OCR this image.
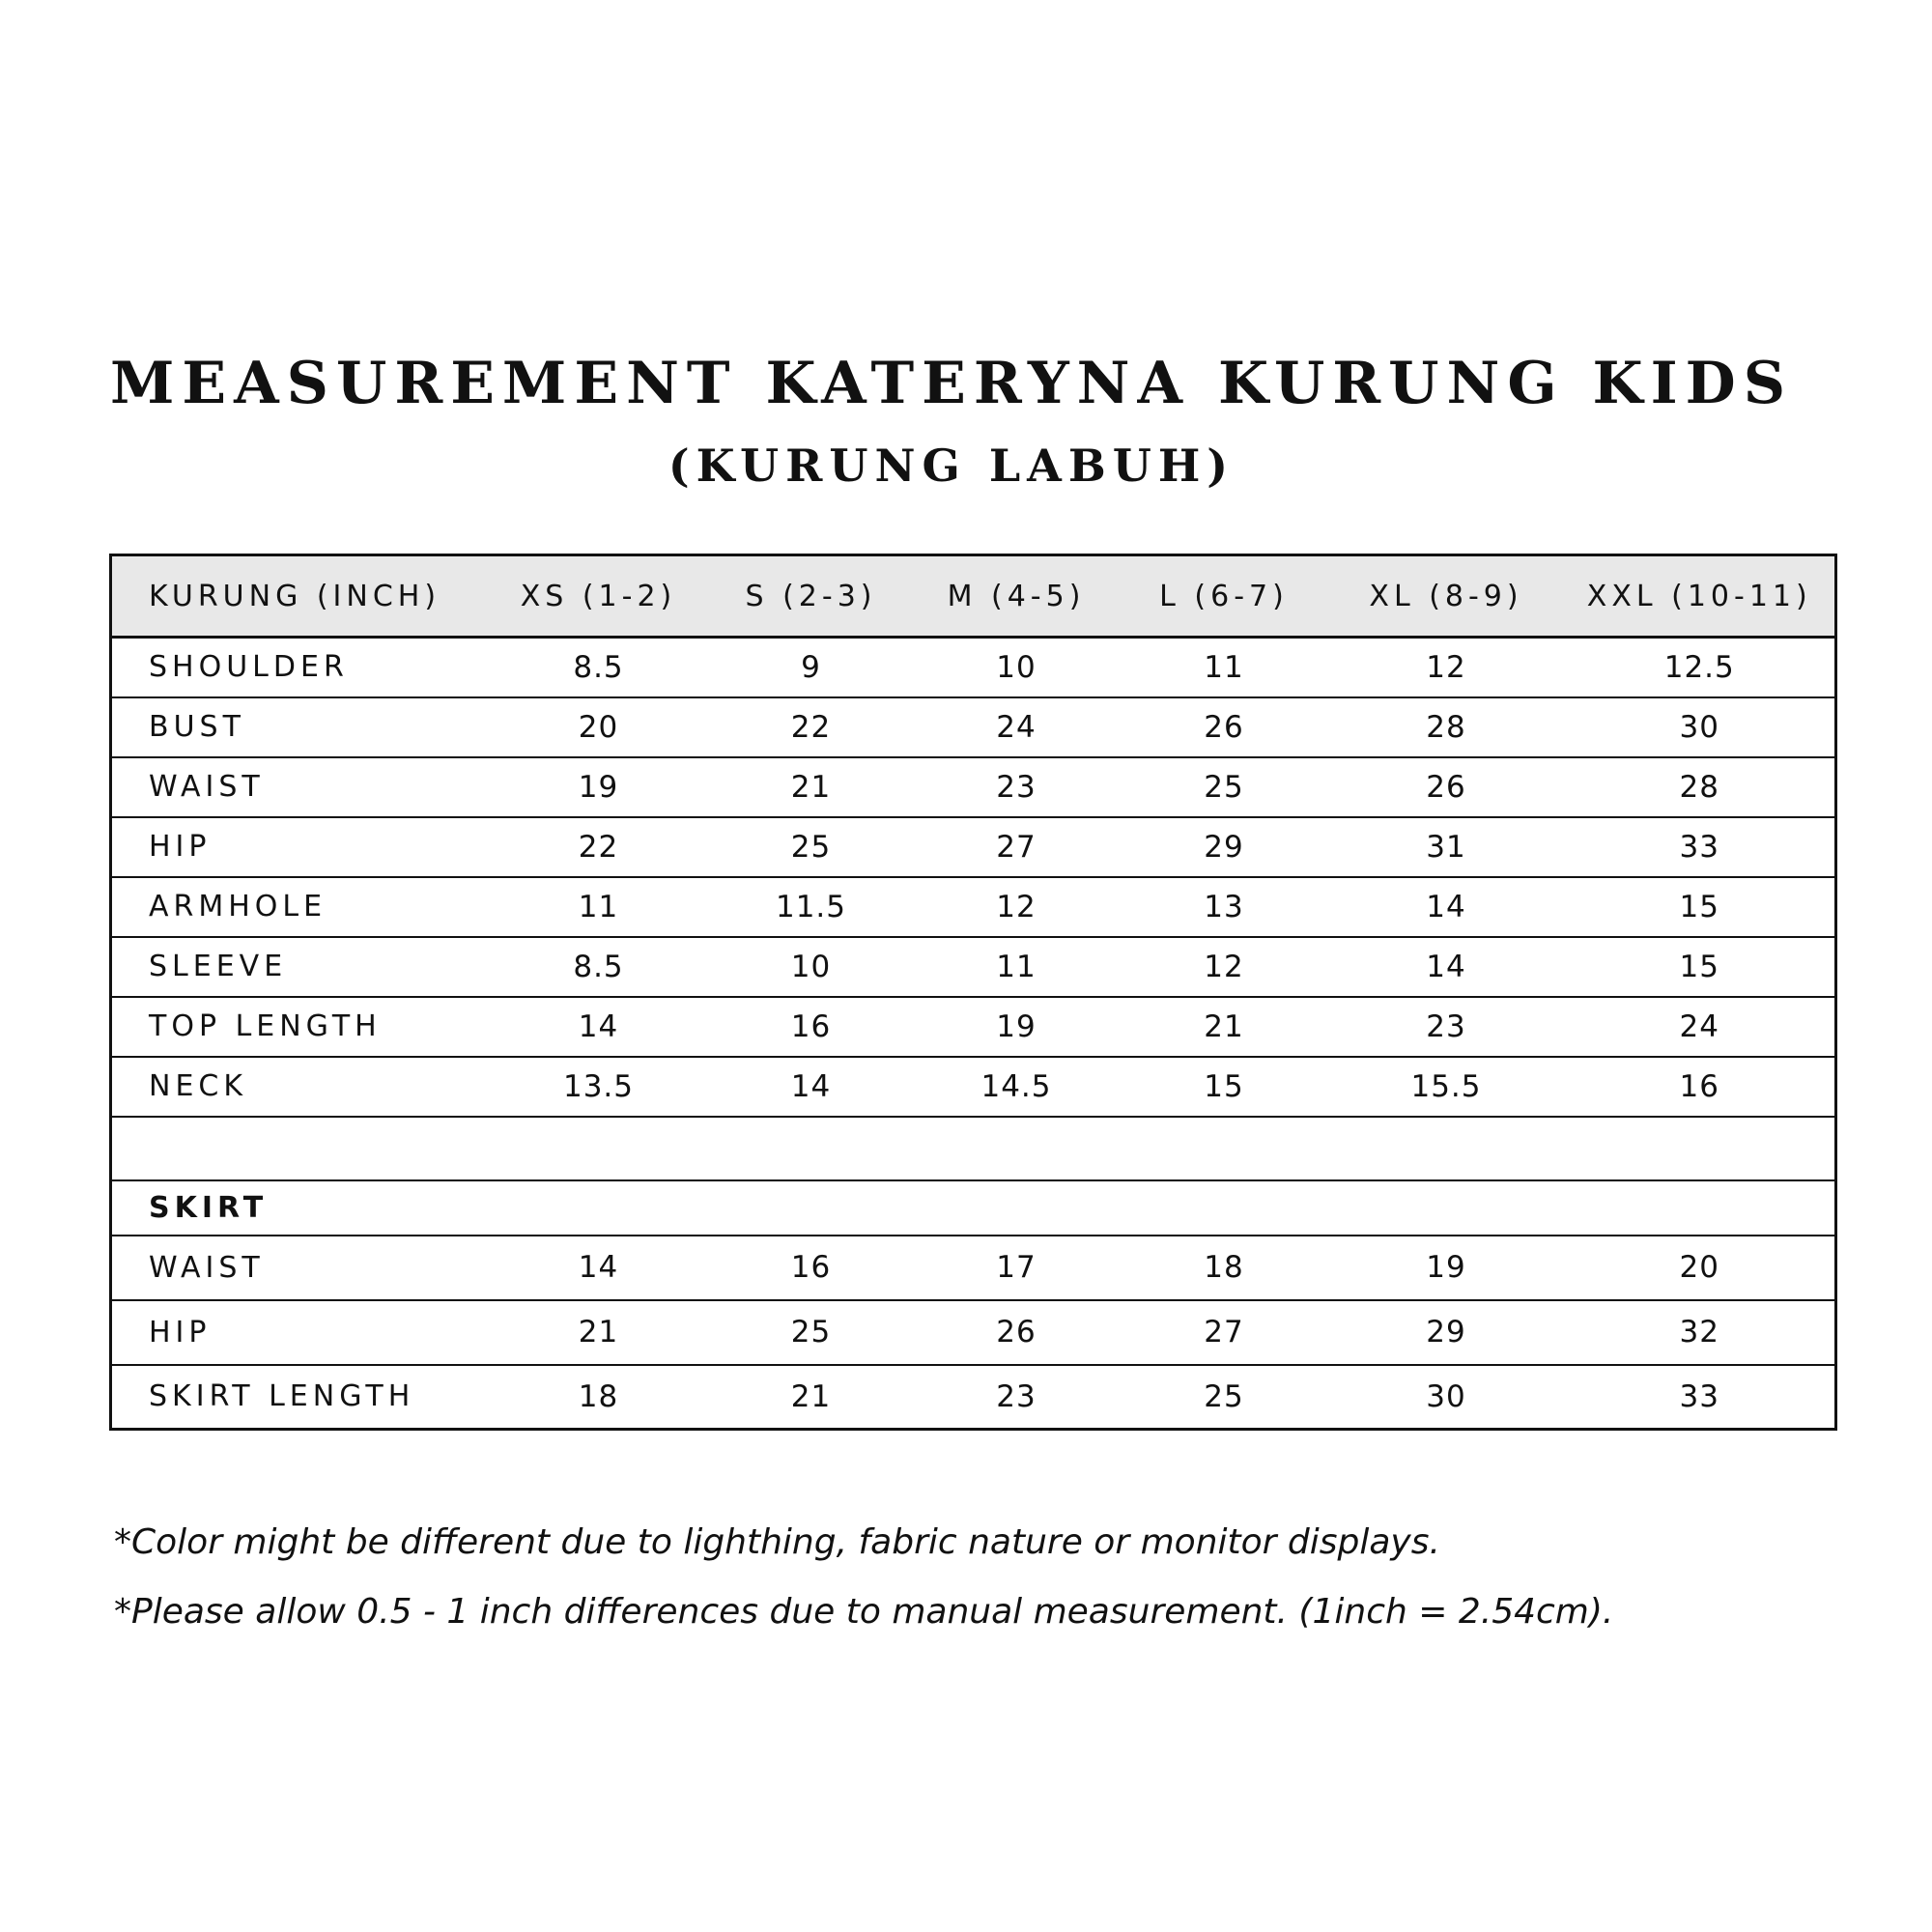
MEASUREMENT KATERYNA KURUNG KIDS
(KURUNG LABUH)
KURUNG (INCH)	XS (1-2)	S (2-3)	M (4-5)	L (6-7)	XL (8-9)	XXL (10-11)
SHOULDER	8.5	9	10	11	12	12.5
BUST	20	22	24	26	28	30
WAIST	19	21	23	25	26	28
HIP	22	25	27	29	31	33
ARMHOLE	11	11.5	12	13	14	15
SLEEVE	8.5	10	11	12	14	15
TOP LENGTH	14	16	19	21	23	24
NECK	13.5	14	14.5	15	15.5	16

SKIRT						
WAIST	14	16	17	18	19	20
HIP	21	25	26	27	29	32
SKIRT LENGTH	18	21	23	25	30	33

*Color might be different due to lighthing, fabric nature or monitor displays.

*Please allow 0.5 - 1 inch differences due to manual measurement. (1inch = 2.54cm).
